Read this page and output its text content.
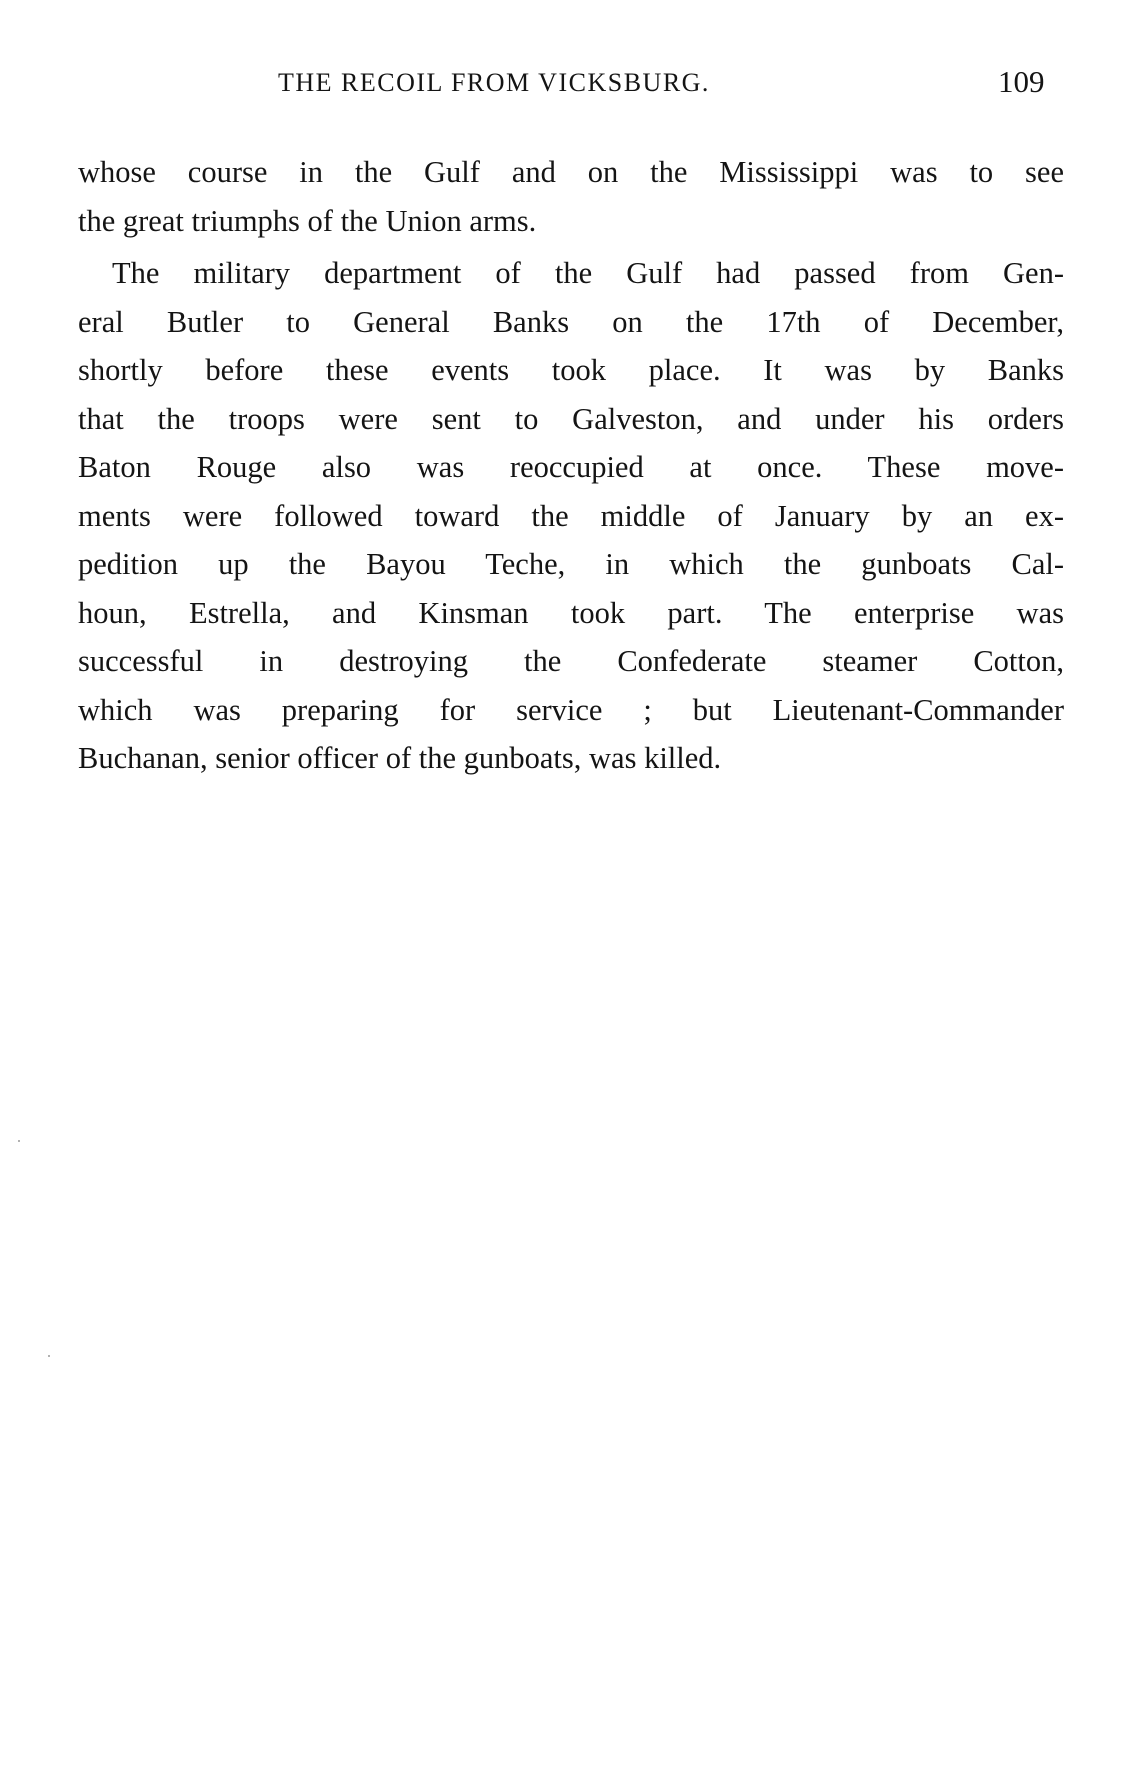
THE RECOIL FROM VICKSBURG.	109
whose course in the Gulf and on the Mississippi was to see
the great triumphs of the Union arms.
The military department of the Gulf had passed from Gen-
eral Butler to General Banks on the 17th of December,
shortly before these events took place. It was by Banks
that the troops were sent to Galveston, and under his orders
Baton Rouge also was reoccupied at once. These move-
ments were followed toward the middle of January by an ex-
pedition up the Bayou Teche, in which the gunboats Cal-
houn, Estrella, and Kinsman took part. The enterprise was
successful in destroying the Confederate steamer Cotton,
which was preparing for service ; but Lieutenant-Commander
Buchanan, senior officer of the gunboats, was killed.
